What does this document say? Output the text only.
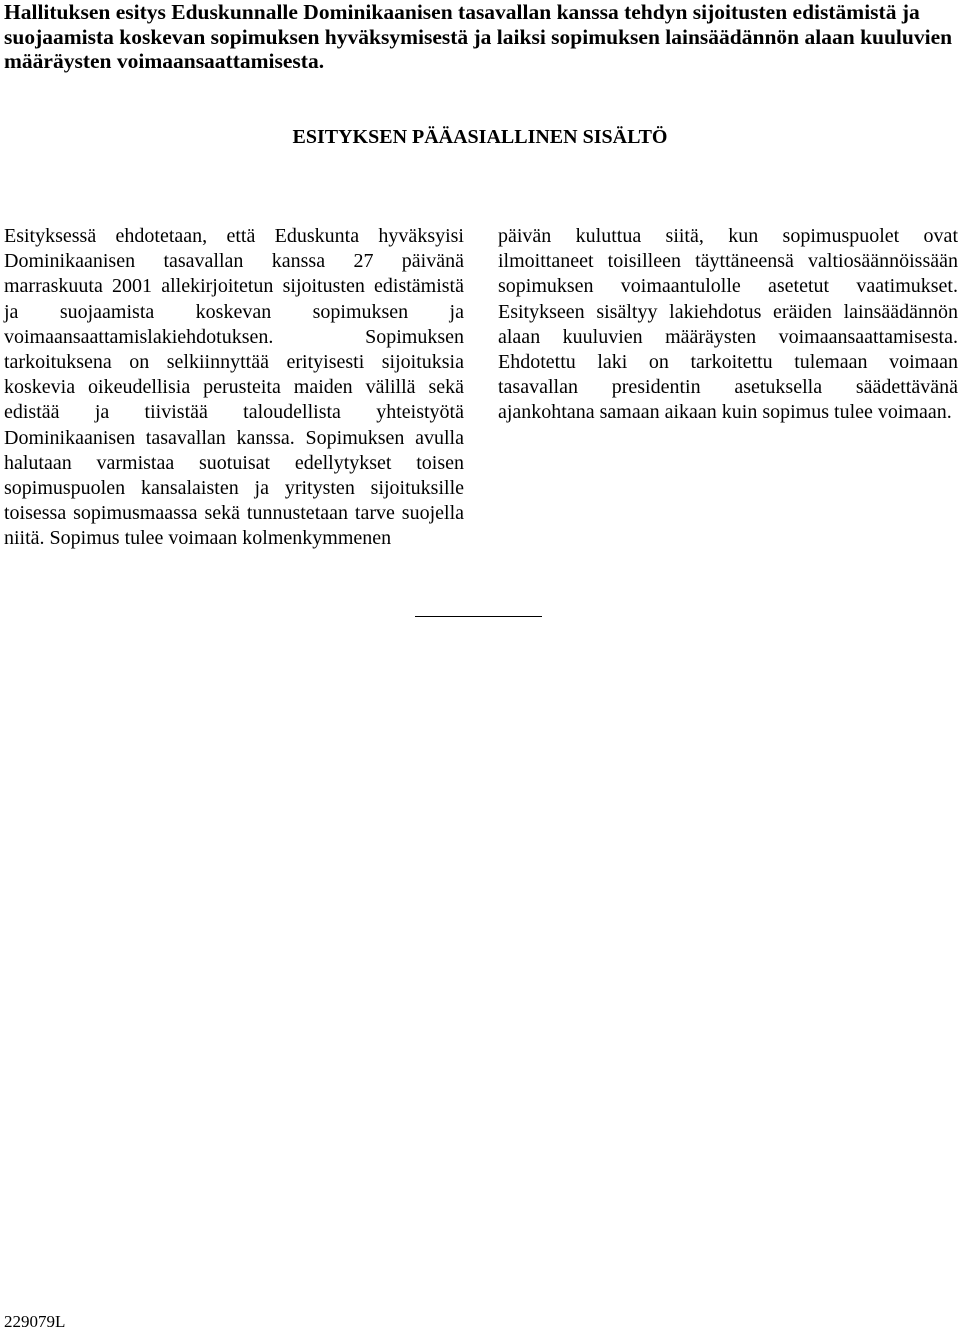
Hallituksen esitys Eduskunnalle Dominikaanisen tasavallan kanssa tehdyn sijoitusten edistämistä ja suojaamista koskevan sopimuksen hyväksymisestä ja laiksi sopimuksen lainsäädännön alaan kuuluvien määräysten voimaansaattamisesta.
ESITYKSEN PÄÄASIALLINEN SISÄLTÖ

Esityksessä ehdotetaan, että Eduskunta hyväksyisi Dominikaanisen tasavallan kanssa 27 päivänä marraskuuta 2001 allekirjoitetun sijoitusten edistämistä ja suojaamista koskevan sopimuksen ja voimaansaattamislakiehdotuksen. Sopimuksen tarkoituksena on selkiinnyttää erityisesti sijoituksia koskevia oikeudellisia perusteita maiden välillä sekä edistää ja tiivistää taloudellista yhteistyötä Dominikaanisen tasavallan kanssa. Sopimuksen avulla halutaan varmistaa suotuisat edellytykset toisen sopimuspuolen kansalaisten ja yritysten sijoituksille toisessa sopimusmaassa sekä tunnustetaan tarve suojella niitä. Sopimus tulee voimaan kolmenkymmenen

päivän kuluttua siitä, kun sopimuspuolet ovat ilmoittaneet toisilleen täyttäneensä valtiosäännöissään sopimuksen voimaantulolle asetetut vaatimukset. Esitykseen sisältyy lakiehdotus eräiden lainsäädännön alaan kuuluvien määräysten voimaansaattamisesta. Ehdotettu laki on tarkoitettu tulemaan voimaan tasavallan presidentin asetuksella säädettävänä ajankohtana samaan aikaan kuin sopimus tulee voimaan.

229079L
